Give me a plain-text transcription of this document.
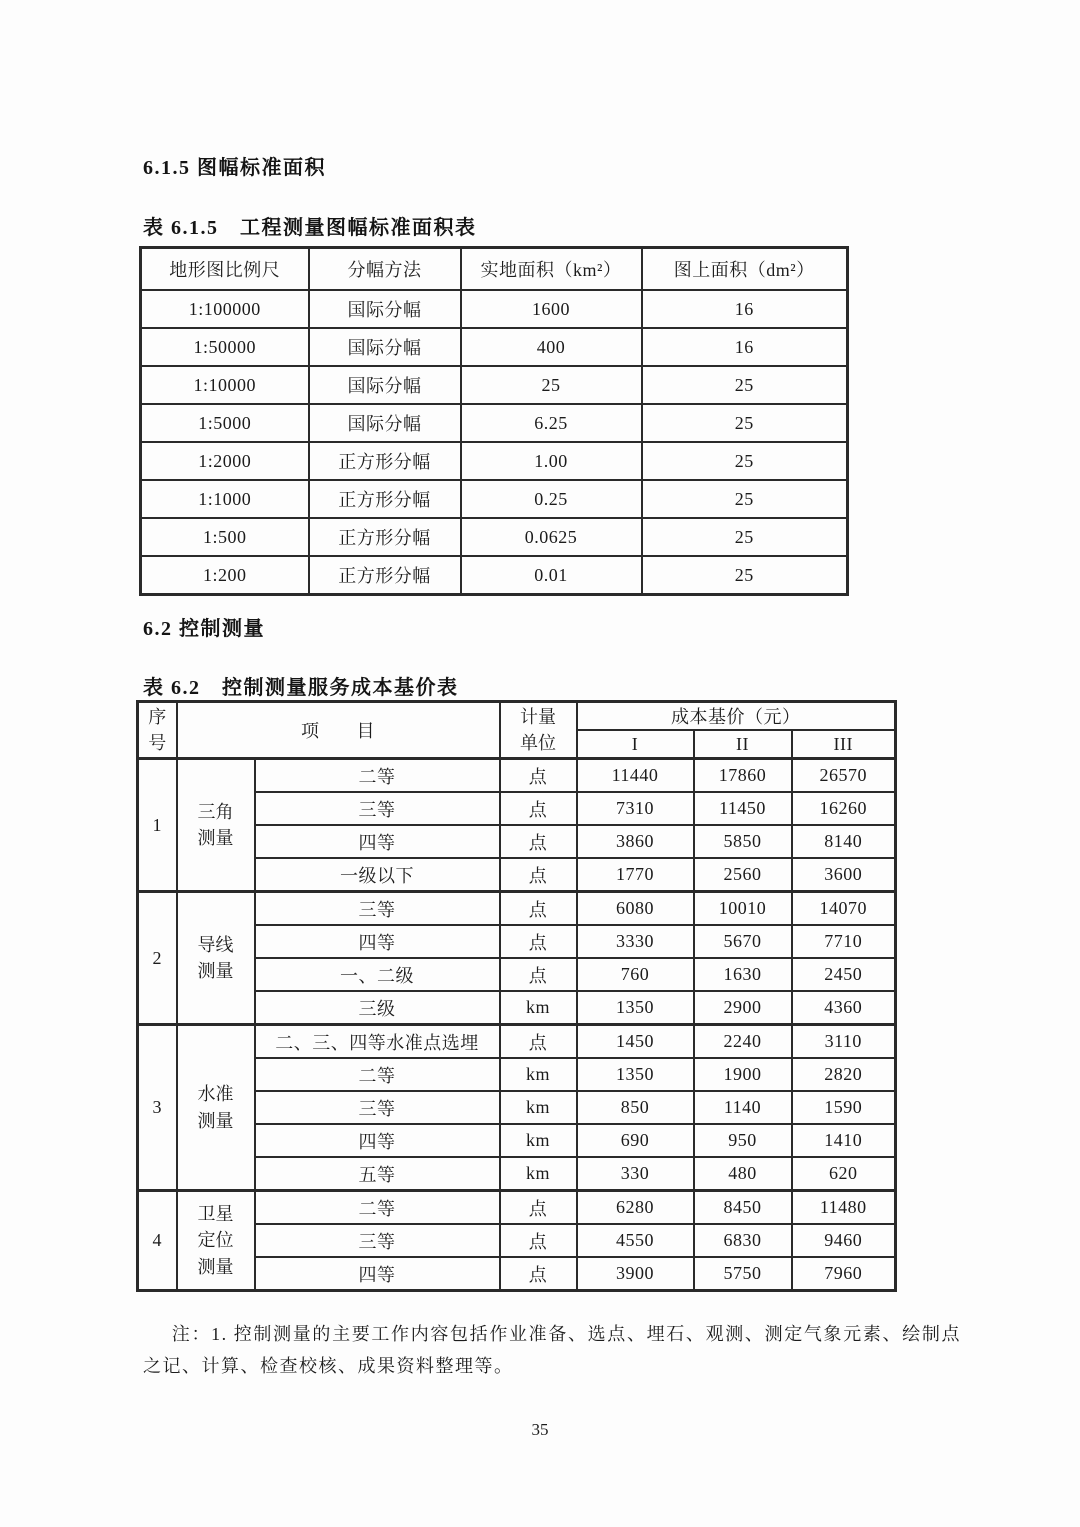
6.1.5 图幅标准面积
表 6.1.5　工程测量图幅标准面积表
地形图比例尺	分幅方法	实地面积（km²）	图上面积（dm²）
1:100000	国际分幅	1600	16
1:50000	国际分幅	400	16
1:10000	国际分幅	25	25
1:5000	国际分幅	6.25	25
1:2000	正方形分幅	1.00	25
1:1000	正方形分幅	0.25	25
1:500	正方形分幅	0.0625	25
1:200	正方形分幅	0.01	25
6.2 控制测量
表 6.2　控制测量服务成本基价表
序号	项　　目		计量单位	成本基价（元）		
				I	II	III
1	三角测量	二等	点	11440	17860	26570
		三等	点	7310	11450	16260
		四等	点	3860	5850	8140
		一级以下	点	1770	2560	3600
2	导线测量	三等	点	6080	10010	14070
		四等	点	3330	5670	7710
		一、二级	点	760	1630	2450
		三级	km	1350	2900	4360
3	水准测量	二、三、四等水准点选埋	点	1450	2240	3110
		二等	km	1350	1900	2820
		三等	km	850	1140	1590
		四等	km	690	950	1410
		五等	km	330	480	620
4	卫星定位测量	二等	点	6280	8450	11480
		三等	点	4550	6830	9460
		四等	点	3900	5750	7960
注：1. 控制测量的主要工作内容包括作业准备、选点、埋石、观测、测定气象元素、绘制点之记、计算、检查校核、成果资料整理等。
35
